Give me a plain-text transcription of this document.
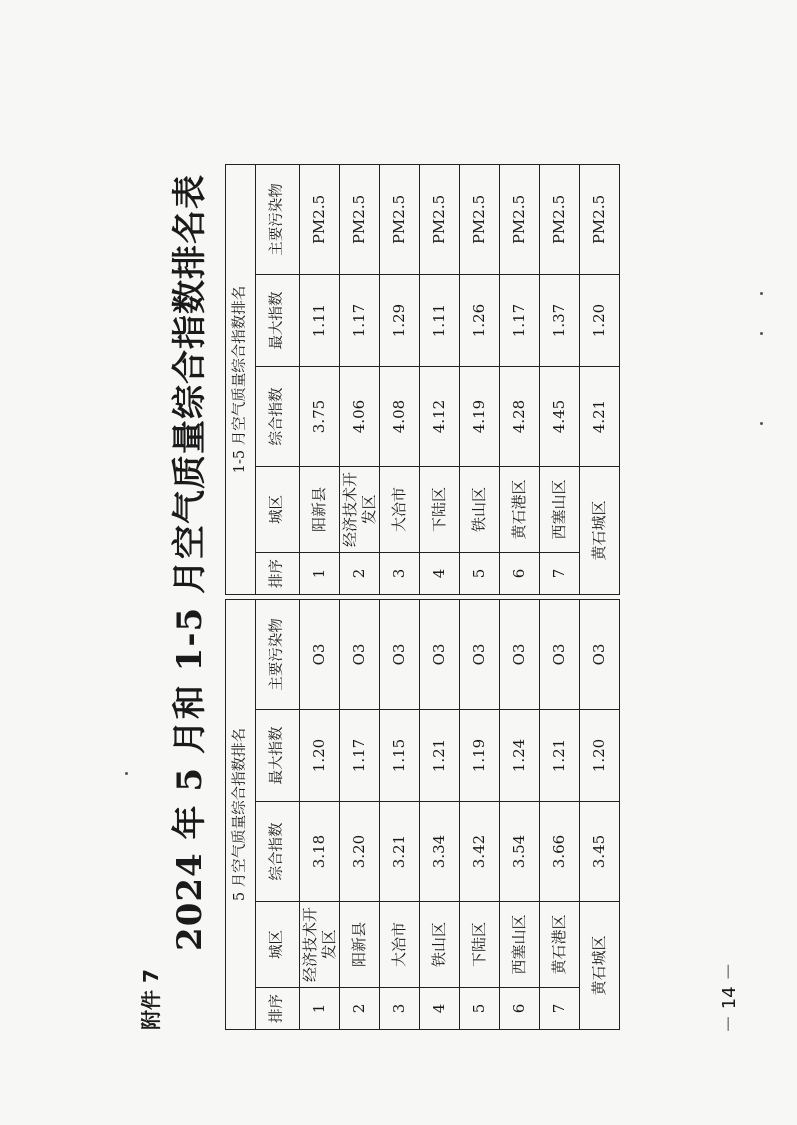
附件 7
2024 年 5 月和 1-5 月空气质量综合指数排名表 5 月空气质量综合指数排名						1-5 月空气质量综合指数排名				
排序	城区	综合指数	最大指数	主要污染物		排序	城区	综合指数	最大指数	主要污染物
1	经济技术开发区	3.18	1.20	O3		1	阳新县	3.75	1.11	PM2.5
2	阳新县	3.20	1.17	O3		2	经济技术开发区	4.06	1.17	PM2.5
3	大冶市	3.21	1.15	O3		3	大冶市	4.08	1.29	PM2.5
4	铁山区	3.34	1.21	O3		4	下陆区	4.12	1.11	PM2.5
5	下陆区	3.42	1.19	O3		5	铁山区	4.19	1.26	PM2.5
6	西塞山区	3.54	1.24	O3		6	黄石港区	4.28	1.17	PM2.5
7	黄石港区	3.66	1.21	O3		7	西塞山区	4.45	1.37	PM2.5
黄石城区		3.45	1.20	O3		黄石城区		4.21	1.20	PM2.5
－ 14 －
